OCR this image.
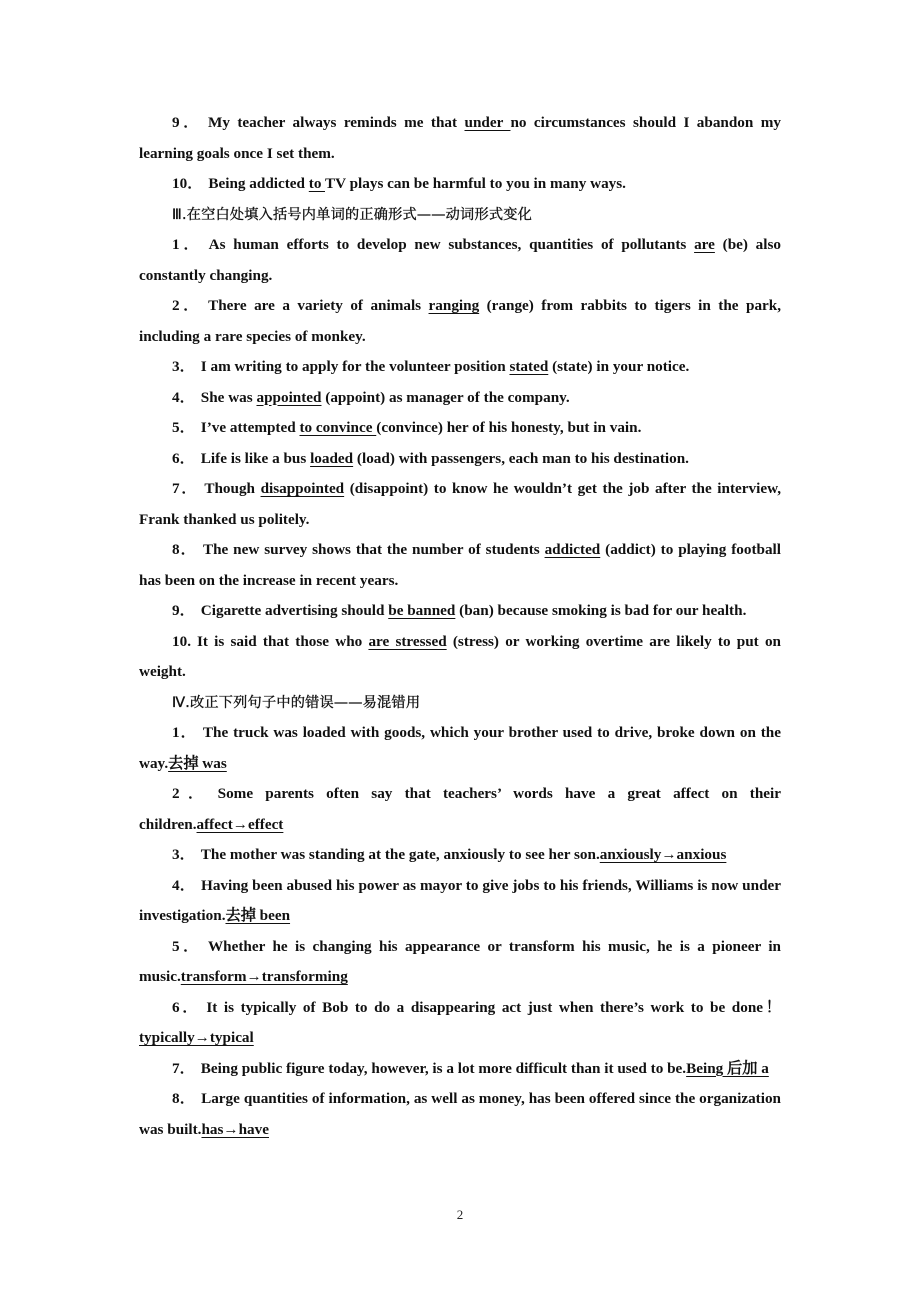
9． My teacher always reminds me that under no circumstances should I abandon my learning goals once I set them.

10． Being addicted to TV plays can be harmful to you in many ways.

Ⅲ.在空白处填入括号内单词的正确形式——动词形式变化

1． As human efforts to develop new substances, quantities of pollutants are (be) also constantly changing.

2． There are a variety of animals ranging (range) from rabbits to tigers in the park, including a rare species of monkey.

3． I am writing to apply for the volunteer position stated (state) in your notice.

4． She was appointed (appoint) as manager of the company.

5． I’ve attempted to convince (convince) her of his honesty, but in vain.

6． Life is like a bus loaded (load) with passengers, each man to his destination.

7． Though disappointed (disappoint) to know he wouldn’t get the job after the interview, Frank thanked us politely.

8． The new survey shows that the number of students addicted (addict) to playing football has been on the increase in recent years.

9． Cigarette advertising should be banned (ban) because smoking is bad for our health.

10. It is said that those who are stressed (stress) or working overtime are likely to put on weight.

Ⅳ.改正下列句子中的错误——易混错用

1． The truck was loaded with goods, which your brother used to drive, broke down on the way.去掉 was

2． Some parents often say that teachers’ words have a great affect on their children.affect→effect

3． The mother was standing at the gate, anxiously to see her son.anxiously→anxious

4． Having been abused his power as mayor to give jobs to his friends, Williams is now under investigation.去掉 been

5． Whether he is changing his appearance or transform his music, he is a pioneer in music.transform→transforming

6． It is typically of Bob to do a disappearing act just when there’s work to be done！ typically→typical

7． Being public figure today, however, is a lot more difficult than it used to be.Being 后加 a

8． Large quantities of information, as well as money, has been offered since the organization was built.has→have

2
